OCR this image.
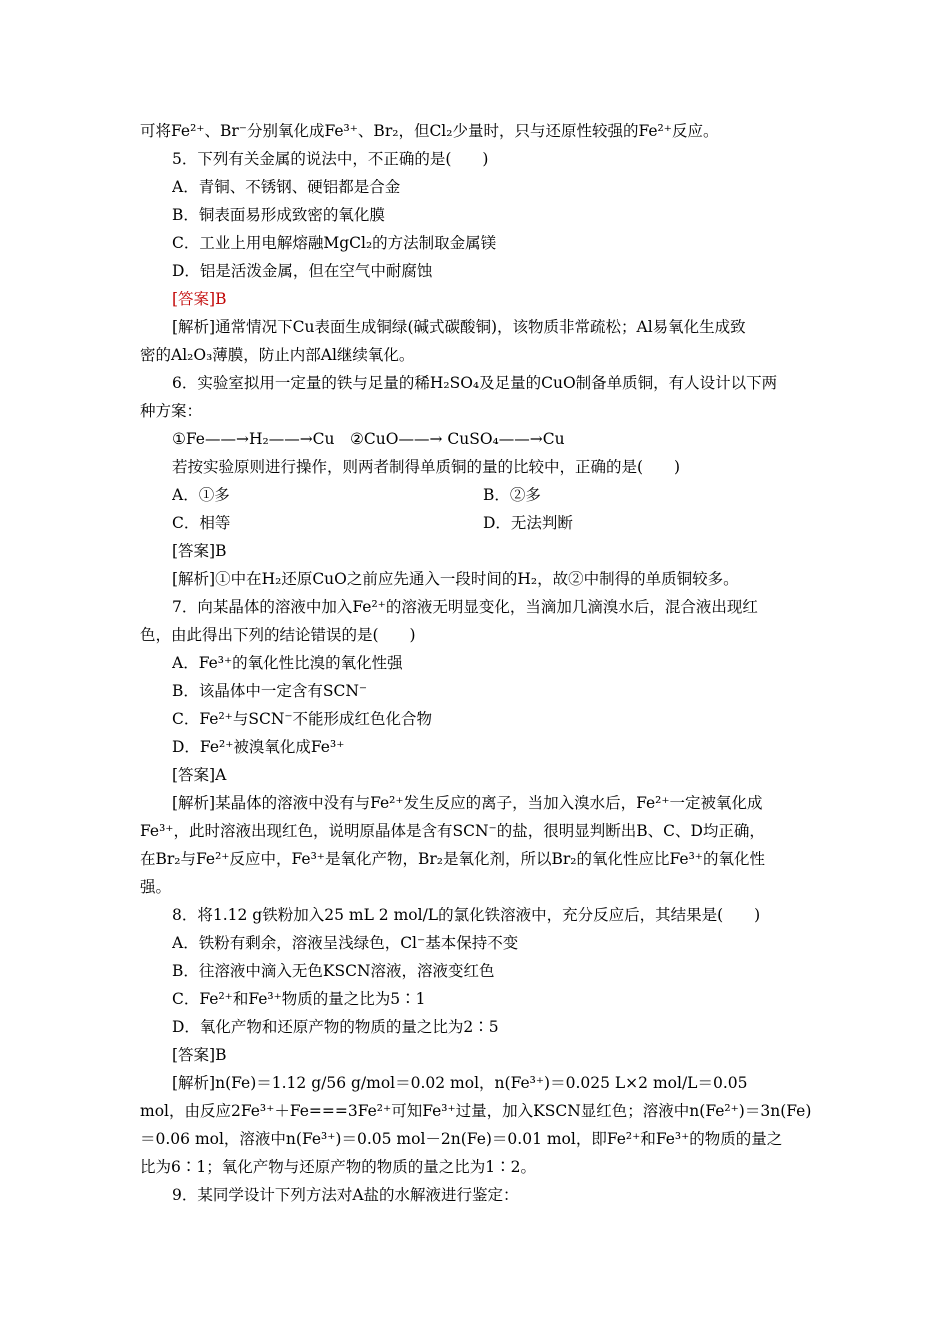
可将Fe²⁺、Br⁻分别氧化成Fe³⁺、Br₂，但Cl₂少量时，只与还原性较强的Fe²⁺反应。
5．下列有关金属的说法中，不正确的是(　　)
A．青铜、不锈钢、硬铝都是合金
B．铜表面易形成致密的氧化膜
C．工业上用电解熔融MgCl₂的方法制取金属镁
D．铝是活泼金属，但在空气中耐腐蚀
[答案]B
[解析]通常情况下Cu表面生成铜绿(碱式碳酸铜)，该物质非常疏松；Al易氧化生成致
密的Al₂O₃薄膜，防止内部Al继续氧化。
6．实验室拟用一定量的铁与足量的稀H₂SO₄及足量的CuO制备单质铜，有人设计以下两
种方案：
①Fe——→H₂——→Cu　②CuO——→ CuSO₄——→Cu
若按实验原则进行操作，则两者制得单质铜的量的比较中，正确的是(　　)
A．①多	B．②多
C．相等	D．无法判断
[答案]B
[解析]①中在H₂还原CuO之前应先通入一段时间的H₂，故②中制得的单质铜较多。
7．向某晶体的溶液中加入Fe²⁺的溶液无明显变化，当滴加几滴溴水后，混合液出现红
色，由此得出下列的结论错误的是(　　)
A．Fe³⁺的氧化性比溴的氧化性强
B．该晶体中一定含有SCN⁻
C．Fe²⁺与SCN⁻不能形成红色化合物
D．Fe²⁺被溴氧化成Fe³⁺
[答案]A
[解析]某晶体的溶液中没有与Fe²⁺发生反应的离子，当加入溴水后，Fe²⁺一定被氧化成
Fe³⁺，此时溶液出现红色，说明原晶体是含有SCN⁻的盐，很明显判断出B、C、D均正确，
在Br₂与Fe²⁺反应中，Fe³⁺是氧化产物，Br₂是氧化剂，所以Br₂的氧化性应比Fe³⁺的氧化性
强。
8．将1.12 g铁粉加入25 mL 2 mol/L的氯化铁溶液中，充分反应后，其结果是(　　)
A．铁粉有剩余，溶液呈浅绿色，Cl⁻基本保持不变
B．往溶液中滴入无色KSCN溶液，溶液变红色
C．Fe²⁺和Fe³⁺物质的量之比为5∶1
D．氧化产物和还原产物的物质的量之比为2∶5
[答案]B
[解析]n(Fe)＝1.12 g/56 g/mol＝0.02 mol，n(Fe³⁺)＝0.025 L×2 mol/L＝0.05
mol，由反应2Fe³⁺＋Fe===3Fe²⁺可知Fe³⁺过量，加入KSCN显红色；溶液中n(Fe²⁺)＝3n(Fe)
＝0.06 mol，溶液中n(Fe³⁺)＝0.05 mol－2n(Fe)＝0.01 mol，即Fe²⁺和Fe³⁺的物质的量之
比为6∶1；氧化产物与还原产物的物质的量之比为1∶2。
9．某同学设计下列方法对A盐的水解液进行鉴定：
